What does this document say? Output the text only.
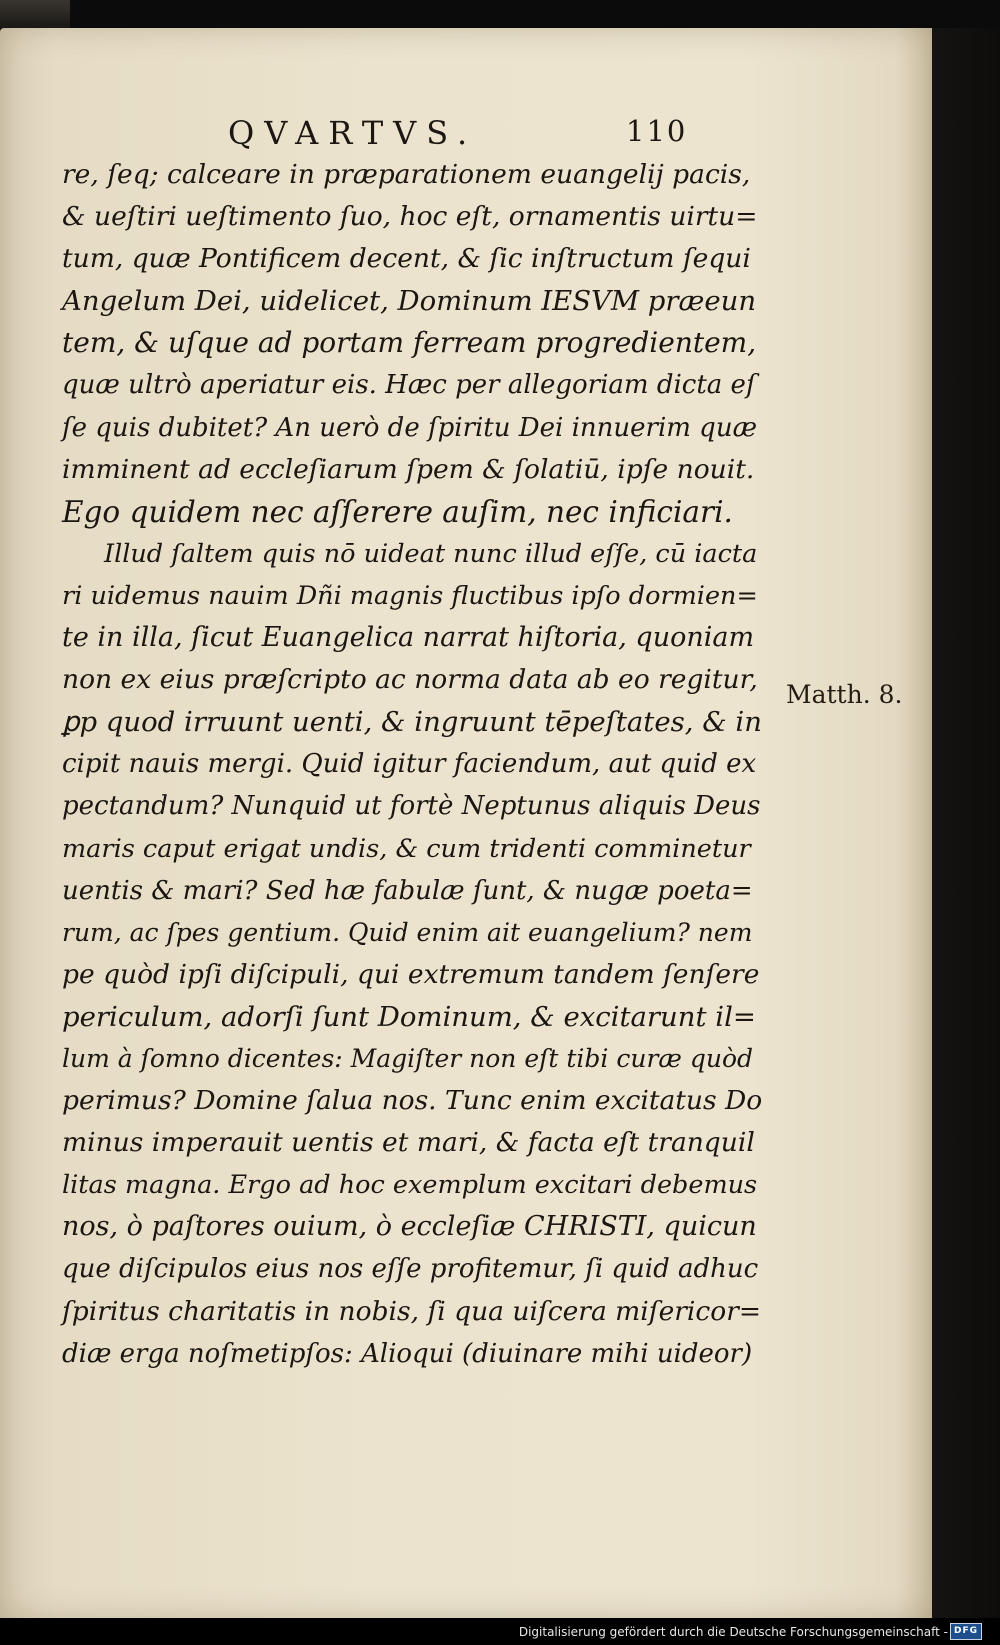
QVARTVS.	110
re, ſeq; calceare in præparationem euangelij pacis,
& ueſtiri ueſtimento ſuo, hoc eſt, ornamentis uirtu=
tum, quæ Pontificem decent, & ſic inſtructum ſequi
Angelum Dei, uidelicet, Dominum IESVM præeun
tem, & uſque ad portam ferream progredientem,
quæ ultrò aperiatur eis. Hæc per allegoriam dicta eſ
ſe quis dubitet? An uerò de ſpiritu Dei innuerim quæ
imminent ad eccleſiarum ſpem & ſolatiū, ipſe nouit.
Ego quidem nec aſſerere auſim, nec inficiari.
Illud ſaltem quis nō uideat nunc illud eſſe, cū iacta
ri uidemus nauim Dñi magnis fluctibus ipſo dormien=
te in illa, ſicut Euangelica narrat hiſtoria, quoniam
non ex eius præſcripto ac norma data ab eo regitur,
ꝑp quod irruunt uenti, & ingruunt tēpeſtates, & in
cipit nauis mergi. Quid igitur faciendum, aut quid ex
pectandum? Nunquid ut fortè Neptunus aliquis Deus
maris caput erigat undis, & cum tridenti comminetur
uentis & mari? Sed hæ fabulæ ſunt, & nugæ poeta=
rum, ac ſpes gentium. Quid enim ait euangelium? nem
pe quòd ipſi diſcipuli, qui extremum tandem ſenſere
periculum, adorſi ſunt Dominum, & excitarunt il=
lum à ſomno dicentes: Magiſter non eſt tibi curæ quòd
perimus? Domine ſalua nos. Tunc enim excitatus Do
minus imperauit uentis et mari, & facta eſt tranquil
litas magna. Ergo ad hoc exemplum excitari debemus
nos, ò paſtores ouium, ò eccleſiæ CHRISTI, quicun
que diſcipulos eius nos eſſe profitemur, ſi quid adhuc
ſpiritus charitatis in nobis, ſi qua uiſcera miſericor=
diæ erga noſmetipſos: Alioqui (diuinare mihi uideor)
Matth. 8.
Digitalisierung gefördert durch die Deutsche Forschungsgemeinschaft - DFG
